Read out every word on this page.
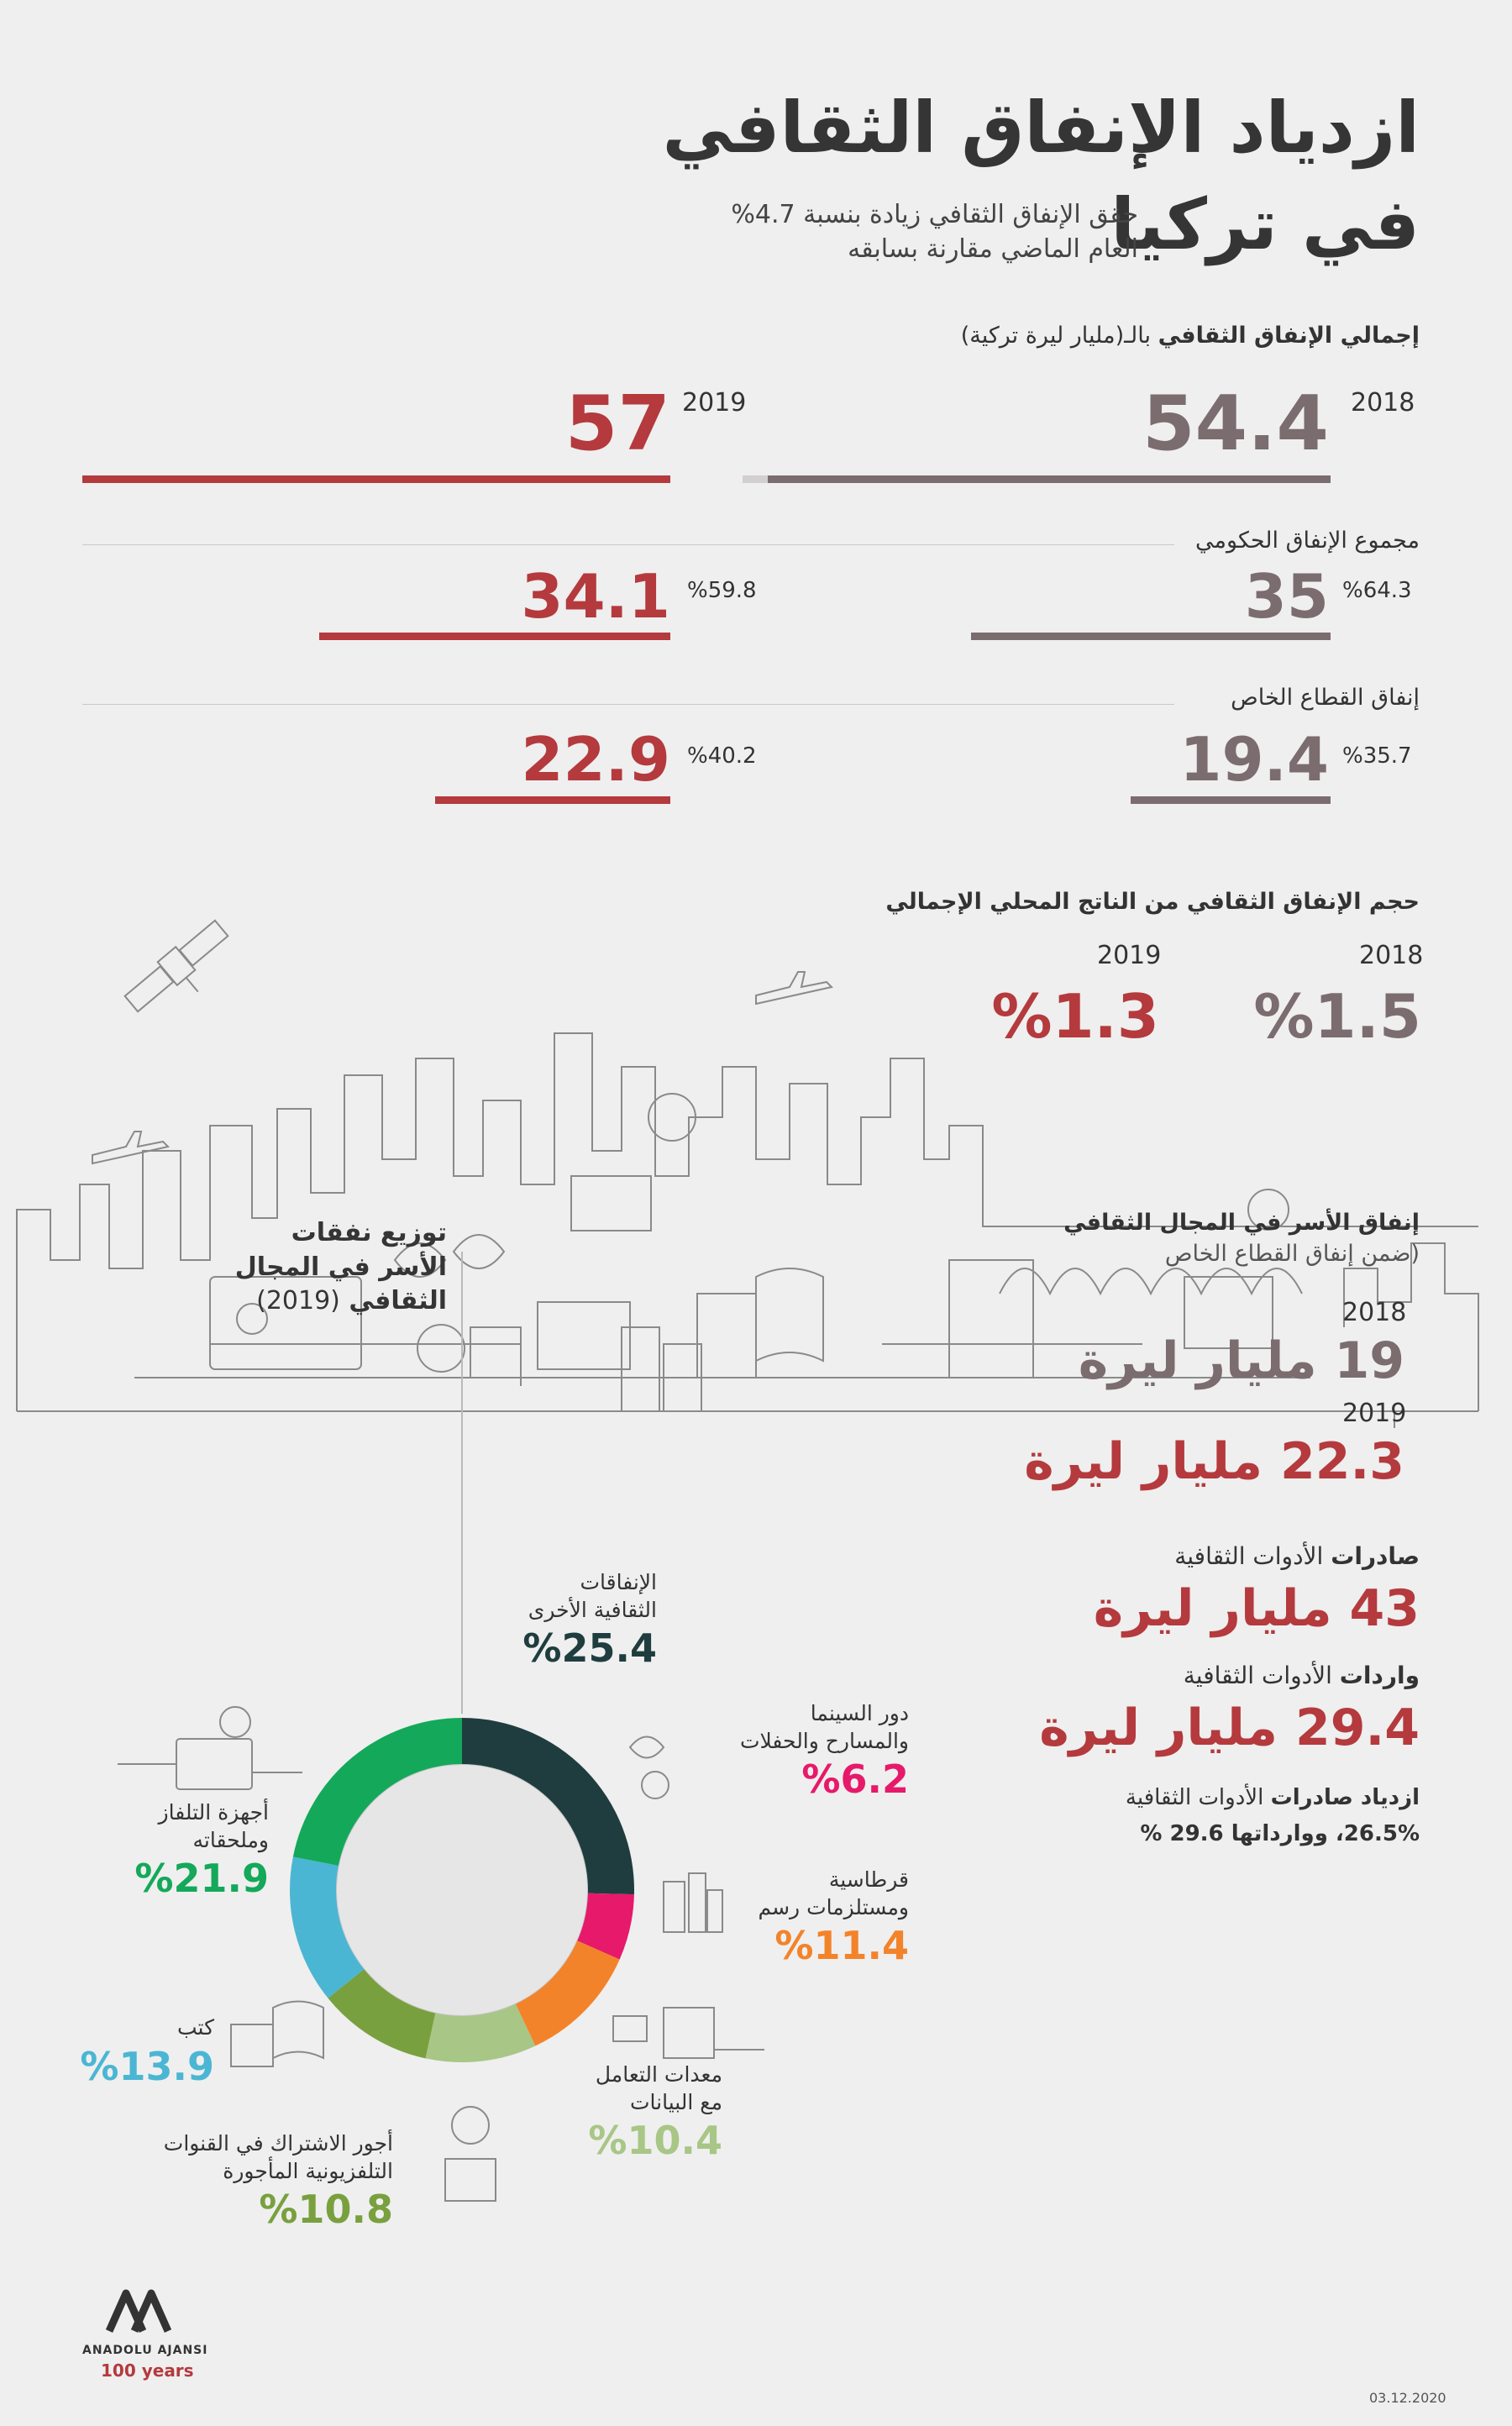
ازدياد الإنفاق الثقافي
في تركيا
حقق الإنفاق الثقافي زيادة بنسبة 4.7%
العام الماضي مقارنة بسابقه
إجمالي الإنفاق الثقافي بالـ(مليار ليرة تركية)
2018
54.4
2019
57
مجموع الإنفاق الحكومي
%64.3
35
%59.8
34.1
إنفاق القطاع الخاص
%35.7
19.4
%40.2
22.9
حجم الإنفاق الثقافي من الناتج المحلي الإجمالي
2018
%1.5
2019
%1.3
إنفاق الأسر في المجال الثقافي
(ضمن إنفاق القطاع الخاص
2018
19 مليار ليرة
2019
22.3 مليار ليرة
صادرات الأدوات الثقافية
43 مليار ليرة
واردات الأدوات الثقافية
29.4 مليار ليرة
ازدياد صادرات الأدوات الثقافية
26.5%، ووارداتها 29.6 %
توزيع نفقات
الأسر في المجال
الثقافي (2019)
الإنفاقات
الثقافية الأخرى
%25.4
دور السينما
والمسارح والحفلات
%6.2
قرطاسية
ومستلزمات رسم
%11.4
معدات التعامل
مع البيانات
%10.4
أجور الاشتراك في القنوات
التلفزيونية المأجورة
%10.8
كتب
%13.9
أجهزة التلفاز
وملحقاته
%21.9
ANADOLU AJANSI
100 years
03.12.2020
